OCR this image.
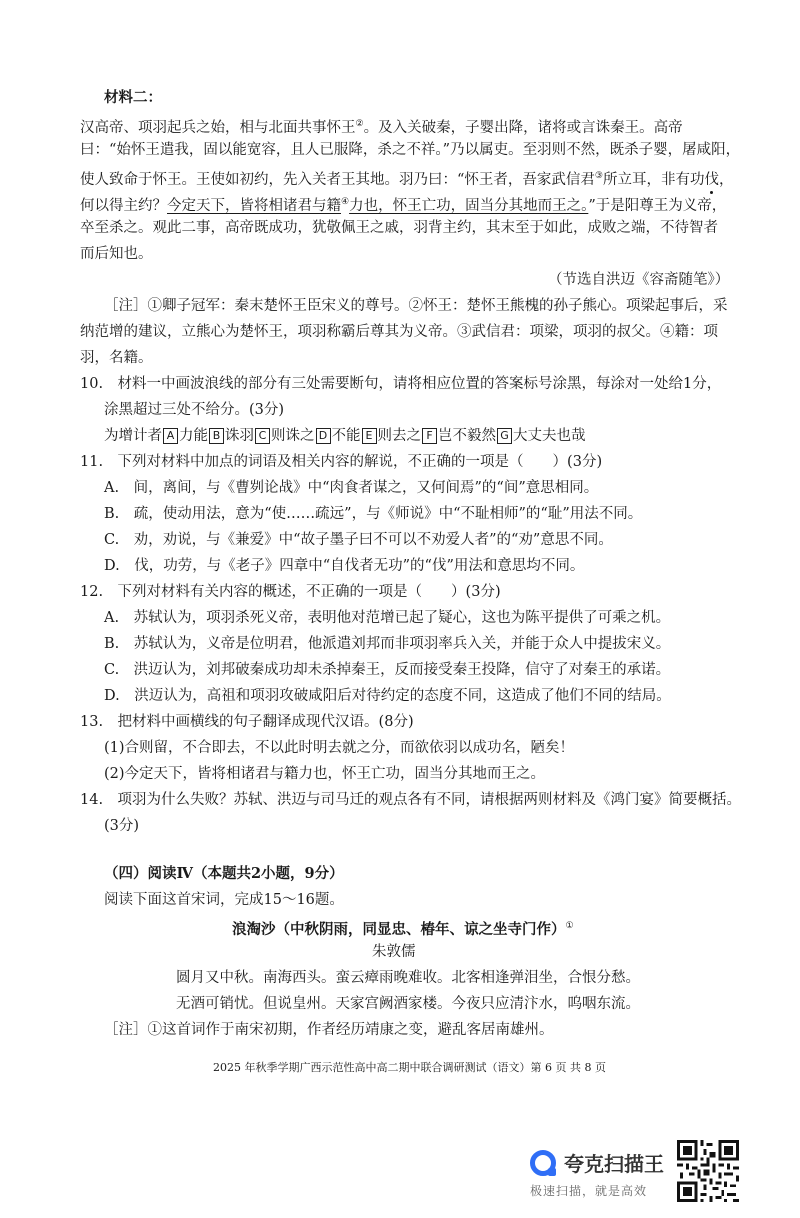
材料二：
汉高帝、项羽起兵之始，相与北面共事怀王②。及入关破秦，子婴出降，诸将或言诛秦王。高帝
曰：“始怀王遣我，固以能宽容，且人已服降，杀之不祥。”乃以属吏。至羽则不然，既杀子婴，屠咸阳，
使人致命于怀王。王使如初约，先入关者王其地。羽乃曰：“怀王者，吾家武信君③所立耳，非有功伐，
何以得主约？今定天下，皆将相诸君与籍④力也，怀王亡功，固当分其地而王之。”于是阳尊王为义帝，
卒至杀之。观此二事，高帝既成功，犹敬佩王之戚，羽背主约，其末至于如此，成败之端，不待智者
而后知也。
（节选自洪迈《容斋随笔》）
［注］①卿子冠军：秦末楚怀王臣宋义的尊号。②怀王：楚怀王熊槐的孙子熊心。项梁起事后，采
纳范增的建议，立熊心为楚怀王，项羽称霸后尊其为义帝。③武信君：项梁，项羽的叔父。④籍：项
羽，名籍。
10.　材料一中画波浪线的部分有三处需要断句，请将相应位置的答案标号涂黑，每涂对一处给1分，
涂黑超过三处不给分。(3分)
为增计者 A 力能 B 诛羽 C 则诛之 D 不能 E 则去之 F 岂不毅然 G 大丈夫也哉
11.　下列对材料中加点的词语及相关内容的解说，不正确的一项是（　　）(3分)
A.　间，离间，与《曹刿论战》中“肉食者谋之，又何间焉”的“间”意思相同。
B.　疏，使动用法，意为“使……疏远”，与《师说》中“不耻相师”的“耻”用法不同。
C.　劝，劝说，与《兼爱》中“故子墨子曰不可以不劝爱人者”的“劝”意思不同。
D.　伐，功劳，与《老子》四章中“自伐者无功”的“伐”用法和意思均不同。
12.　下列对材料有关内容的概述，不正确的一项是（　　）(3分)
A.　苏轼认为，项羽杀死义帝，表明他对范增已起了疑心，这也为陈平提供了可乘之机。
B.　苏轼认为，义帝是位明君，他派遣刘邦而非项羽率兵入关，并能于众人中提拔宋义。
C.　洪迈认为，刘邦破秦成功却未杀掉秦王，反而接受秦王投降，信守了对秦王的承诺。
D.　洪迈认为，高祖和项羽攻破咸阳后对待约定的态度不同，这造成了他们不同的结局。
13.　把材料中画横线的句子翻译成现代汉语。(8分)
(1)合则留，不合即去，不以此时明去就之分，而欲依羽以成功名，陋矣！
(2)今定天下，皆将相诸君与籍力也，怀王亡功，固当分其地而王之。
14.　项羽为什么失败？苏轼、洪迈与司马迁的观点各有不同，请根据两则材料及《鸿门宴》简要概括。
(3分)
（四）阅读Ⅳ（本题共2小题，9分）
阅读下面这首宋词，完成15～16题。
浪淘沙（中秋阴雨，同显忠、椿年、谅之坐寺门作）①
朱敦儒
圆月又中秋。南海西头。蛮云瘴雨晚难收。北客相逢弹泪坐，合恨分愁。
无酒可销忧。但说皇州。天家宫阙酒家楼。今夜只应清汴水，呜咽东流。
［注］①这首词作于南宋初期，作者经历靖康之变，避乱客居南雄州。
2025 年秋季学期广西示范性高中高二期中联合调研测试（语文）第 6 页 共 8 页
夸克扫描王
极速扫描，就是高效
